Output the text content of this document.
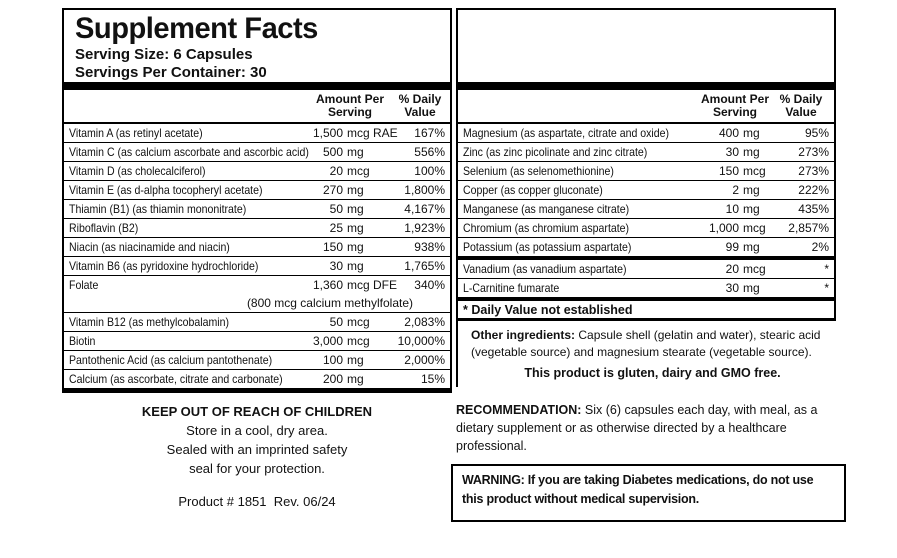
Supplement Facts
Serving Size: 6 Capsules
Servings Per Container: 30
Amount Per
Serving
% Daily
Value
Vitamin A (as retinyl acetate)	1,500 mcg RAE	167%
Vitamin C (as calcium ascorbate and ascorbic acid)	500 mg	556%
Vitamin D (as cholecalciferol)	20 mcg	100%
Vitamin E (as d-alpha tocopheryl acetate)	270 mg	1,800%
Thiamin (B1) (as thiamin mononitrate)	50 mg	4,167%
Riboflavin (B2)	25 mg	1,923%
Niacin (as niacinamide and niacin)	150 mg	938%
Vitamin B6 (as pyridoxine hydrochloride)	30 mg	1,765%
Folate	1,360 mcg DFE	340%
(800 mcg calcium methylfolate)
Vitamin B12 (as methylcobalamin)	50 mcg	2,083%
Biotin	3,000 mcg	10,000%
Pantothenic Acid (as calcium pantothenate)	100 mg	2,000%
Calcium (as ascorbate, citrate and carbonate)	200 mg	15%
Amount Per
Serving
% Daily
Value
Magnesium (as aspartate, citrate and oxide)	400 mg	95%
Zinc (as zinc picolinate and zinc citrate)	30 mg	273%
Selenium (as selenomethionine)	150 mcg	273%
Copper (as copper gluconate)	2 mg	222%
Manganese (as manganese citrate)	10 mg	435%
Chromium (as chromium aspartate)	1,000 mcg	2,857%
Potassium (as potassium aspartate)	99 mg	2%
Vanadium (as vanadium aspartate)	20 mcg	*
L-Carnitine fumarate	30 mg	*
* Daily Value not established
Other ingredients: Capsule shell (gelatin and water), stearic acid (vegetable source) and magnesium stearate (vegetable source).
This product is gluten, dairy and GMO free.
KEEP OUT OF REACH OF CHILDREN
Store in a cool, dry area.
Sealed with an imprinted safety
seal for your protection.
Product # 1851  Rev. 06/24
RECOMMENDATION: Six (6) capsules each day, with meal, as a dietary supplement or as otherwise directed by a healthcare professional.
WARNING: If you are taking Diabetes medications, do not use this product without medical supervision.
